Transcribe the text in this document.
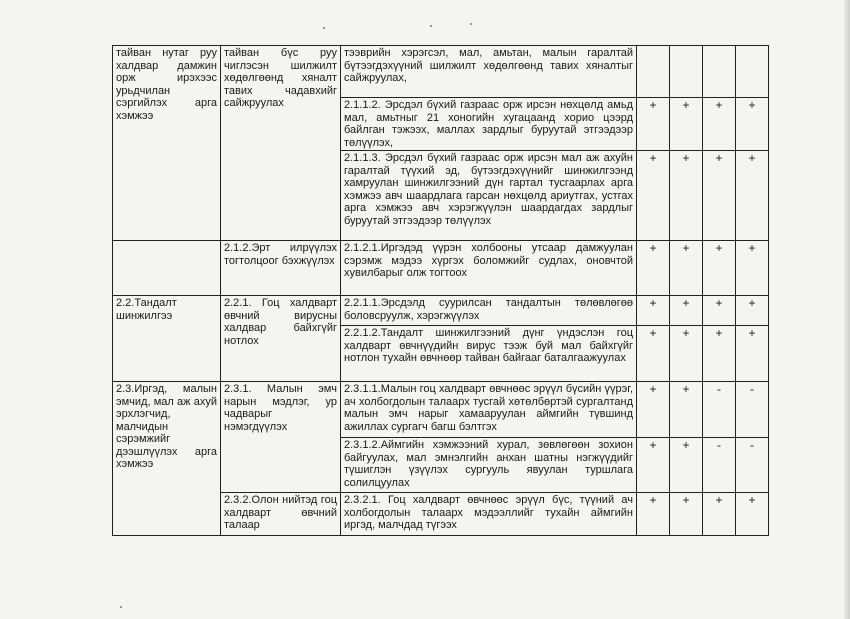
тайван нутаг руу халдвар дамжин орж ирэхээс урьдчилан сэргийлэх арга хэмжээ	тайван бүс руу чиглэсэн шилжилт хөдөлгөөнд хяналт тавих чадавхийг сайжруулах	тээврийн хэрэгсэл, мал, амьтан, малын гаралтай бүтээгдэхүүний шилжилт хөдөлгөөнд тавих хяналтыг сайжруулах,				
		2.1.1.2. Эрсдэл бүхий газраас орж ирсэн нөхцөлд амьд мал, амьтныг 21 хоногийн хугацаанд хорио цээрд байлган тэжээх, маллах зардлыг буруутай этгээдээр төлүүлэх,	+	+	+	+
		2.1.1.3. Эрсдэл бүхий газраас орж ирсэн мал аж ахуйн гаралтай түүхий эд, бүтээгдэхүүнийг шинжилгээнд хамруулан шинжилгээний дүн гартал тусгаарлах арга хэмжээ авч шаардлага гарсан нөхцөлд ариутгах, устгах арга хэмжээ авч хэрэгжүүлэн шаардагдах зардлыг буруутай этгээдээр төлүүлэх	+	+	+	+
	2.1.2.Эрт илрүүлэх тогтолцоог бэхжүүлэх	2.1.2.1.Иргэдэд үүрэн холбооны утсаар дамжуулан сэрэмж мэдээ хүргэх боломжийг судлах, оновчтой хувилбарыг олж тогтоох	+	+	+	+
2.2.Тандалт шинжилгээ	2.2.1. Гоц халдварт өвчний вирусны халдвар байхгүйг нотлох	2.2.1.1.Эрсдэлд суурилсан тандалтын төлөвлөгөө боловсруулж, хэрэгжүүлэх	+	+	+	+
		2.2.1.2.Тандалт шинжилгээний дүнг үндэслэн гоц халдварт өвчнүүдийн вирус тээж буй мал байхгүйг нотлон тухайн өвчнөөр тайван байгааг баталгаажуулах	+	+	+	+
2.3.Иргэд, малын эмчид, мал аж ахуй эрхлэгчид, малчидын сэрэмжийг дээшлүүлэх арга хэмжээ	2.3.1. Малын эмч нарын мэдлэг, ур чадварыг нэмэгдүүлэх	2.3.1.1.Малын гоц халдварт өвчнөөс эрүүл бүсийн үүрэг, ач холбогдолын талаарх тусгай хөтөлбөртэй сургалтанд малын эмч нарыг хамааруулан аймгийн түвшинд ажиллах сургагч багш бэлтгэх	+	+	-	-
		2.3.1.2.Аймгийн хэмжээний хурал, зөвлөгөөн зохион байгуулах, мал эмнэлгийн анхан шатны нэгжүүдийг түшиглэн үзүүлэх сургууль явуулан туршлага солилцуулах	+	+	-	-
	2.3.2.Олон нийтэд гоц халдварт өвчний талаар	2.3.2.1. Гоц халдварт өвчнөөс эрүүл бүс, түүний ач холбогдолын талаарх мэдээллийг тухайн аймгийн иргэд, малчдад түгээх	+	+	+	+
